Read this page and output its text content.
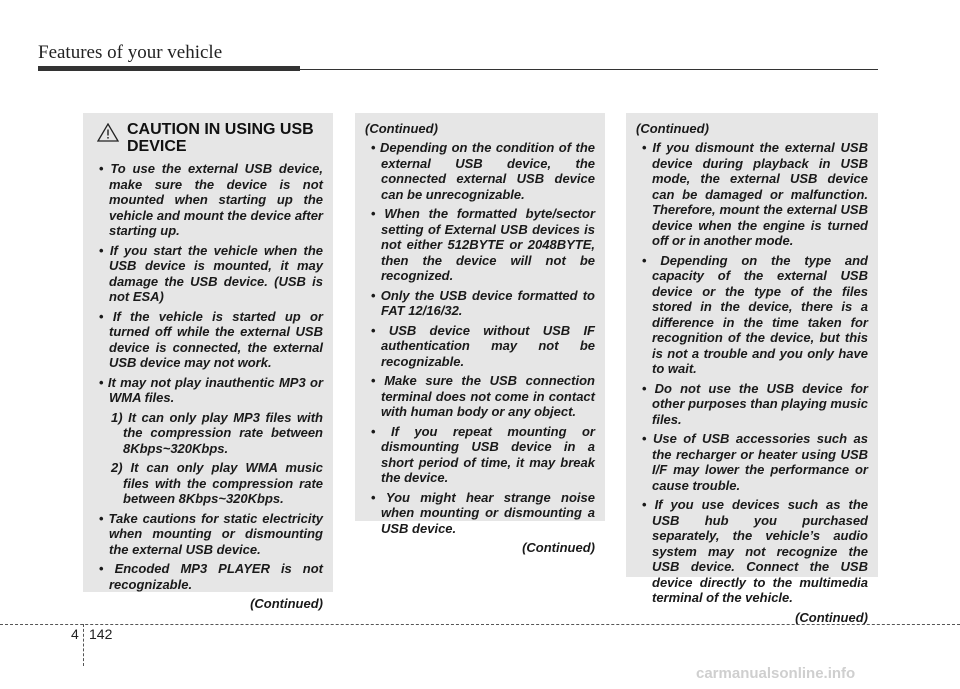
Features of your vehicle
CAUTION IN USING USB DEVICE
• To use the external USB device, make sure the device is not mounted when starting up the vehicle and mount the device after starting up.
• If you start the vehicle when the USB device is mounted, it may damage the USB device. (USB is not ESA)
• If the vehicle is started up or turned off while the external USB device is connected, the external USB device may not work.
• It may not play inauthentic MP3 or WMA files.
1) It can only play MP3 files with the compression rate between 8Kbps~320Kbps.
2) It can only play WMA music files with the compression rate between 8Kbps~320Kbps.
• Take cautions for static electricity when mounting or dismounting the external USB device.
• Encoded MP3 PLAYER is not recognizable.
(Continued)
(Continued)
• Depending on the condition of the external USB device, the connected external USB device can be unrecognizable.
• When the formatted byte/sector setting of External USB devices is not either 512BYTE or 2048BYTE, then the device will not be recognized.
• Only the USB device formatted to FAT 12/16/32.
• USB device without USB IF authentication may not be recognizable.
• Make sure the USB connection terminal does not come in contact with human body or any object.
• If you repeat mounting or dismounting USB device in a short period of time, it may break the device.
• You might hear strange noise when mounting or dismounting a USB device.
(Continued)
(Continued)
• If you dismount the external USB device during playback in USB mode, the external USB device can be damaged or malfunction. Therefore, mount the external USB device when the engine is turned off or in another mode.
• Depending on the type and capacity of the external USB device or the type of the files stored in the device, there is a difference in the time taken for recognition of the device, but this is not a trouble and you only have to wait.
• Do not use the USB device for other purposes than playing music files.
• Use of USB accessories such as the recharger or heater using USB I/F may lower the performance or cause trouble.
• If you use devices such as the USB hub you purchased separately, the vehicle’s audio system may not recognize the USB device. Connect the USB device directly to the multimedia terminal of the vehicle.
(Continued)
4 142
carmanualsonline.info
